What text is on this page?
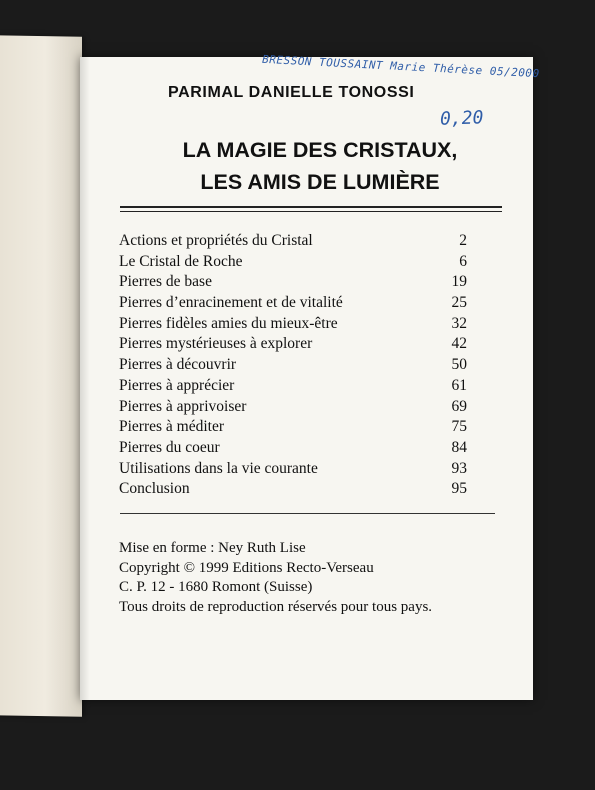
BRESSON TOUSSAINT Marie Thérèse 05/2000
0,20
PARIMAL DANIELLE TONOSSI
LA MAGIE DES CRISTAUX,
LES AMIS DE LUMIÈRE
Actions et propriétés du Cristal	2
Le Cristal de Roche	6
Pierres de base	19
Pierres d’enracinement et de vitalité	25
Pierres fidèles amies du mieux-être	32
Pierres mystérieuses à explorer	42
Pierres à découvrir	50
Pierres à apprécier	61
Pierres à apprivoiser	69
Pierres à méditer	75
Pierres du coeur	84
Utilisations dans la vie courante	93
Conclusion	95
Mise en forme : Ney Ruth Lise
Copyright © 1999 Editions Recto-Verseau
C. P. 12 - 1680 Romont (Suisse)
Tous droits de reproduction réservés pour tous pays.
